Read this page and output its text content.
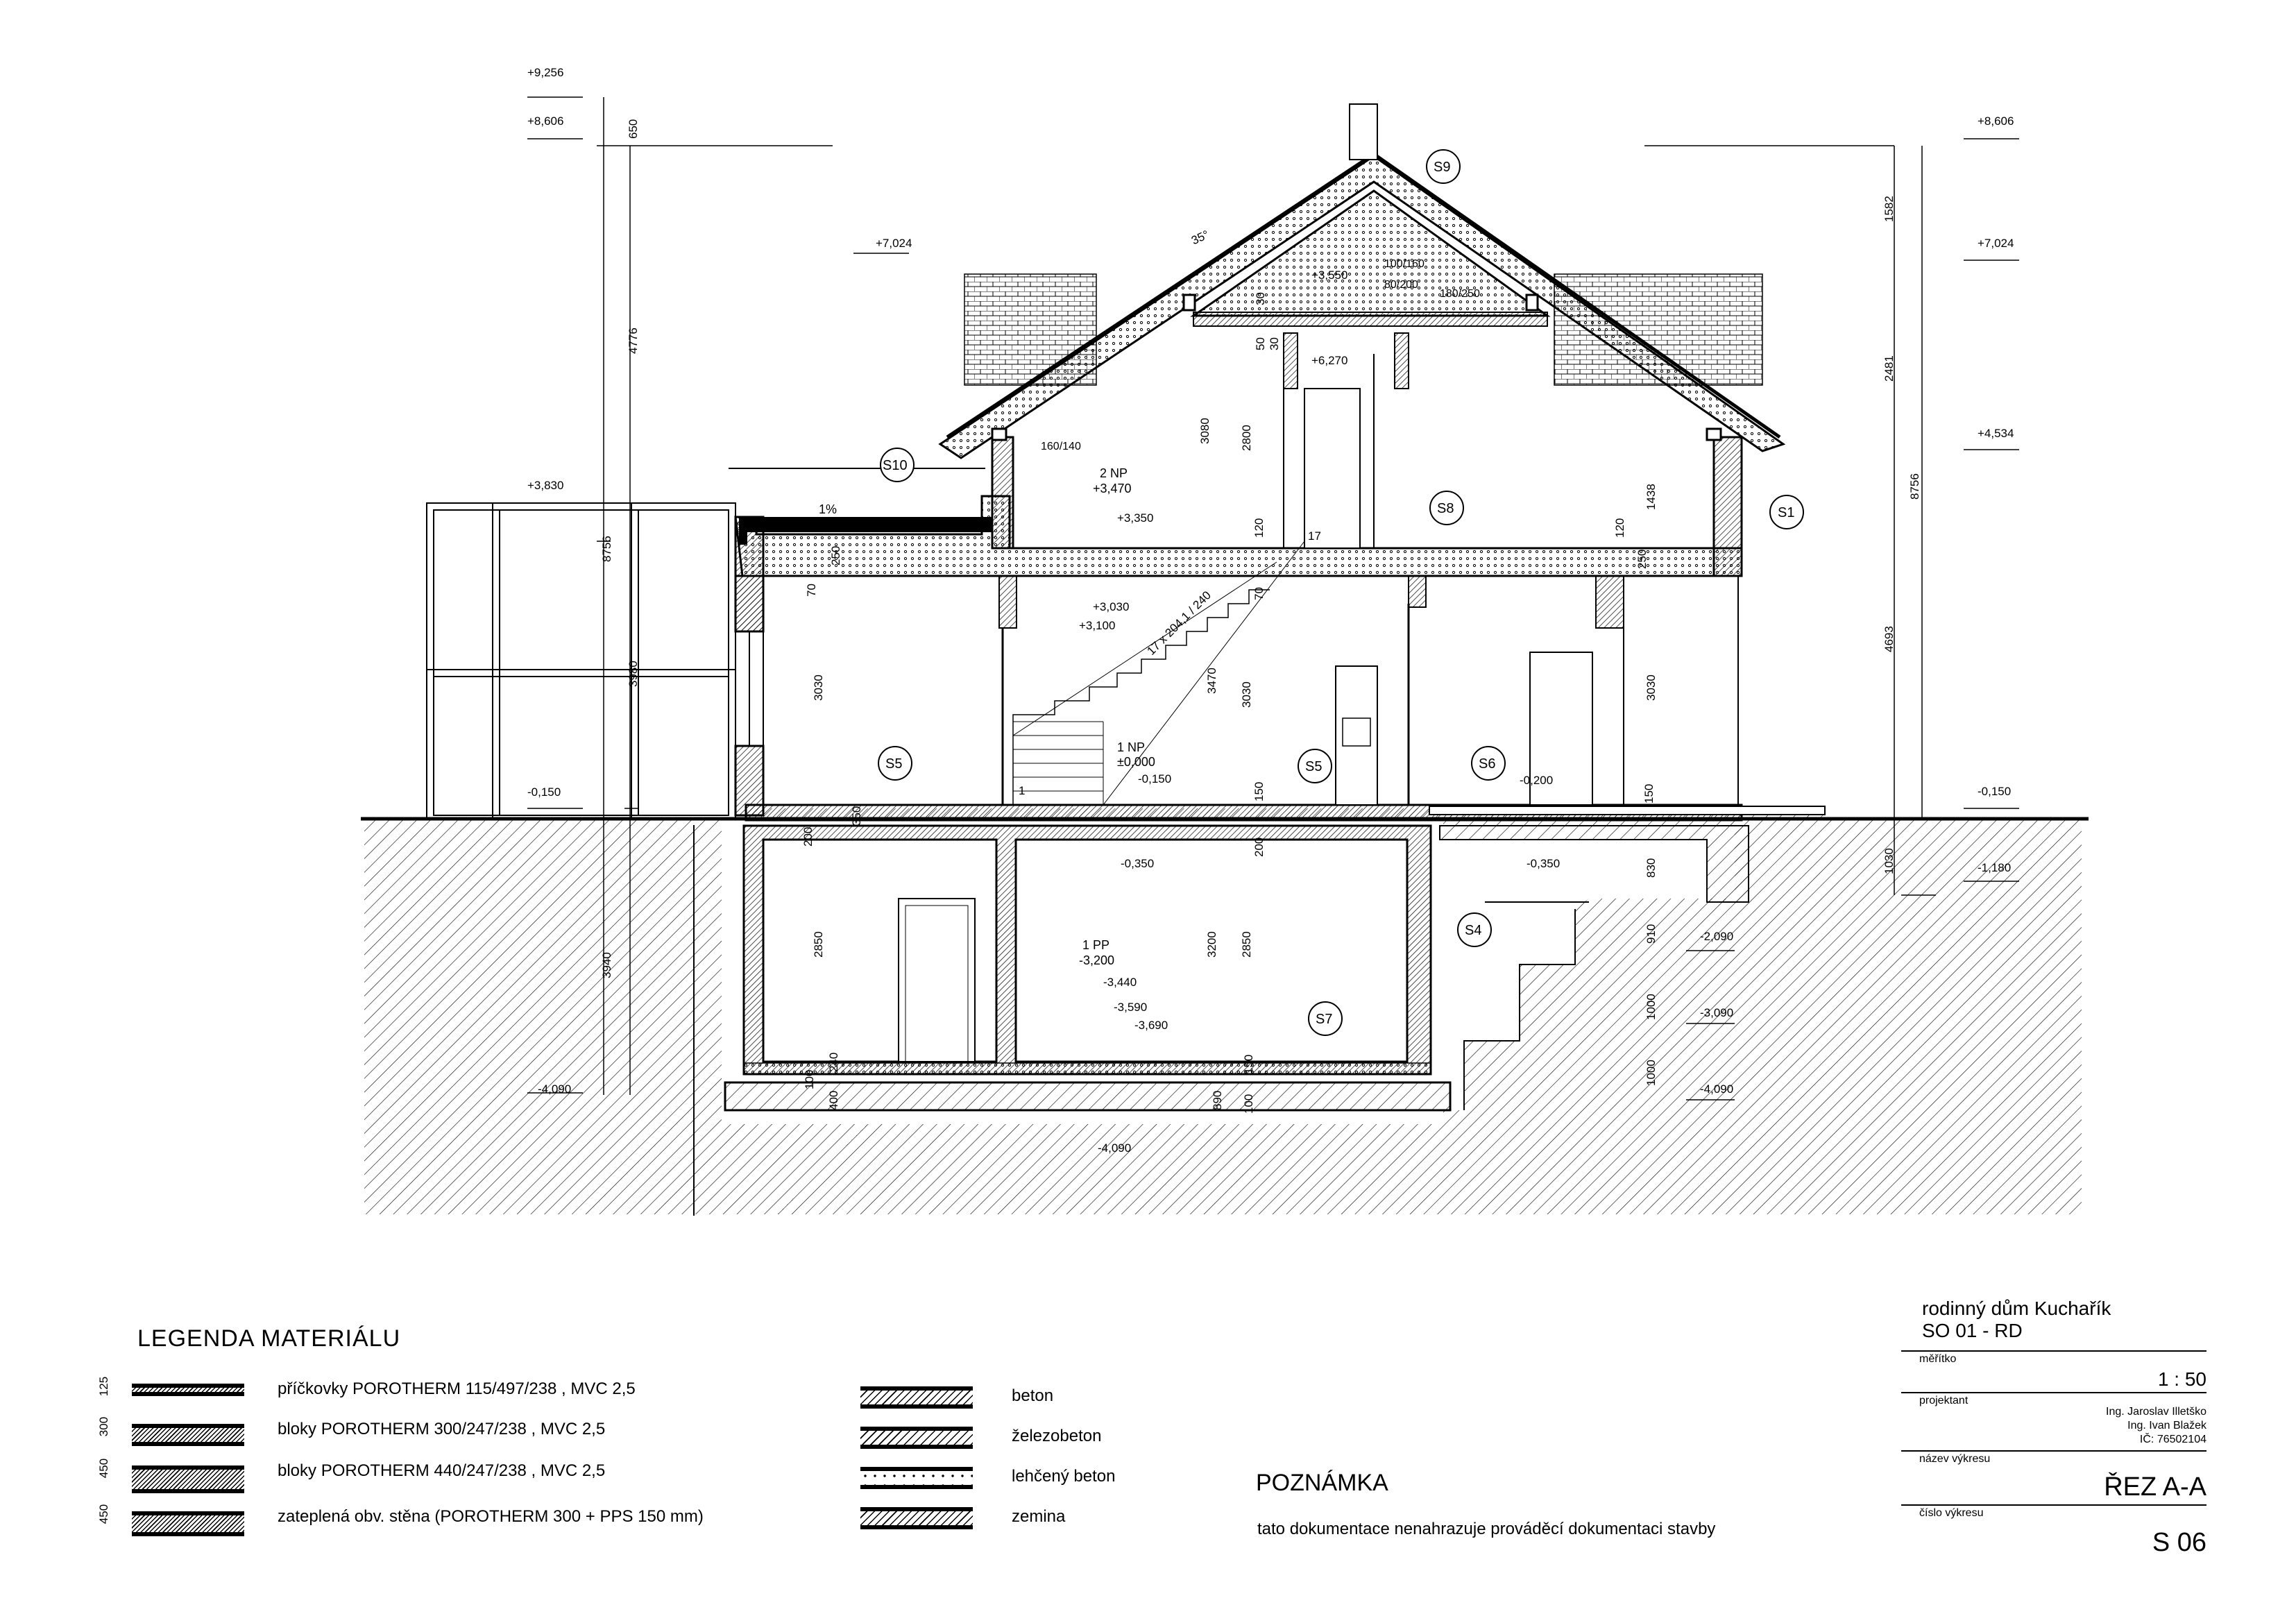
+9,256
+8,606
+7,024
+3,830
-0,150
-4,090
+8,606
+7,024
+4,534
-0,150
-1,180
-2,090
-3,090
-4,090
650
4776
8756
3980
3940
3030
2850
1582
2481
8756
4693
1030
3030
830
910
1000
1000
1438
3080 2800
3470
3030
3200 2850
150
120
70
250
350
200
240
400
100
890
150
70
120
250
100
200
150
30
50 30
+3,550
+6,270
+3,350
+3,030
+3,100
-0,150	-0,200
-0,350	-0,350
-3,440
-3,590
-3,690
-4,090
2 NP
+3,470
1 NP
±0,000
1 PP
-3,200
35°
1%
17 x 204,1 / 240
17
1
100/160
80/200
180/250
160/140
S9
S10
S1
S8
S5	S5	S6
S4
S7
LEGENDA MATERIÁLU
125	příčkovky POROTHERM 115/497/238 , MVC 2,5
300	bloky POROTHERM 300/247/238 , MVC 2,5
450	bloky POROTHERM 440/247/238 , MVC 2,5
450	zateplená obv. stěna (POROTHERM 300 + PPS 150 mm)
beton
železobeton
lehčený beton
zemina
POZNÁMKA
tato dokumentace nenahrazuje prováděcí dokumentaci stavby
rodinný dům Kuchařík
SO 01 - RD
měřítko
1 : 50
projektant
Ing. Jaroslav Illetško
Ing. Ivan Blažek
IČ: 76502104
název výkresu
ŘEZ A-A
číslo výkresu
S 06
